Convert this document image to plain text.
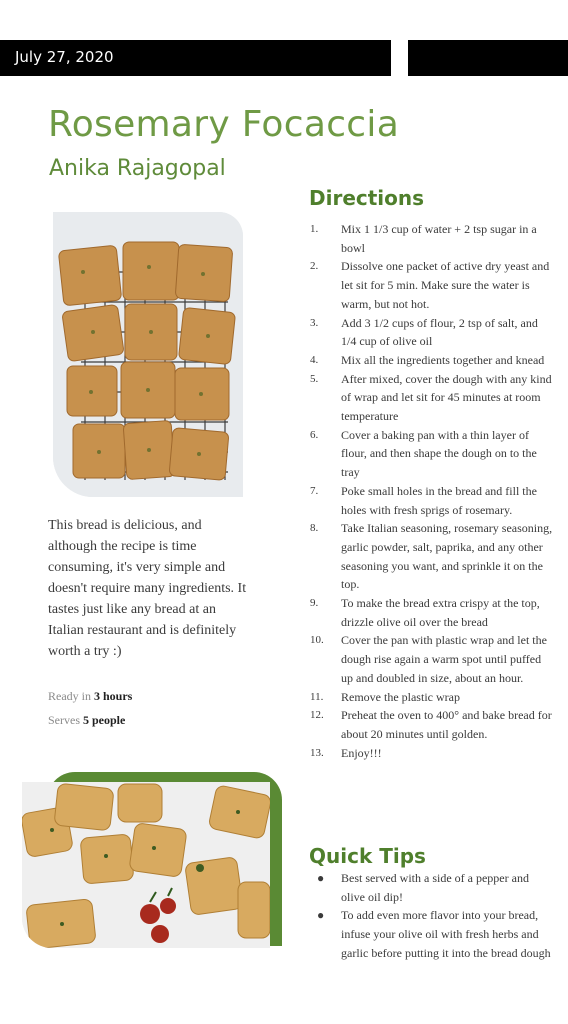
July 27, 2020
Rosemary Focaccia
Anika Rajagopal
This bread is delicious, and although the recipe is time consuming, it's very simple and doesn't require many ingredients. It tastes just like any bread at an Italian restaurant and is definitely worth a try :)
Ready in 3 hours
Serves 5 people
Directions
1.	Mix 1 1/3 cup of water + 2 tsp sugar in a bowl
2.	Dissolve one packet of active dry yeast and let sit for 5 min. Make sure the water is warm, but not hot.
3.	Add 3 1/2 cups of flour, 2 tsp of salt, and 1/4 cup of olive oil
4.	Mix all the ingredients together and knead
5.	After mixed, cover the dough with any kind of wrap and let sit for 45 minutes at room temperature
6.	Cover a baking pan with a thin layer of flour, and then shape the dough on to the tray
7.	Poke small holes in the bread and fill the holes with fresh sprigs of rosemary.
8.	Take Italian seasoning, rosemary seasoning, garlic powder, salt, paprika, and any other seasoning you want, and sprinkle it on the top.
9.	To make the bread extra crispy at the top, drizzle olive oil over the bread
10.	Cover the pan with plastic wrap and let the dough rise again a warm spot until puffed up and doubled in size, about an hour.
11.	Remove the plastic wrap
12.	Preheat the oven to 400° and bake bread for about 20 minutes until golden.
13.	Enjoy!!!
Quick Tips
●	Best served with a side of a pepper and olive oil dip!
●	To add even more flavor into your bread, infuse your olive oil with fresh herbs and garlic before putting it into the bread dough
